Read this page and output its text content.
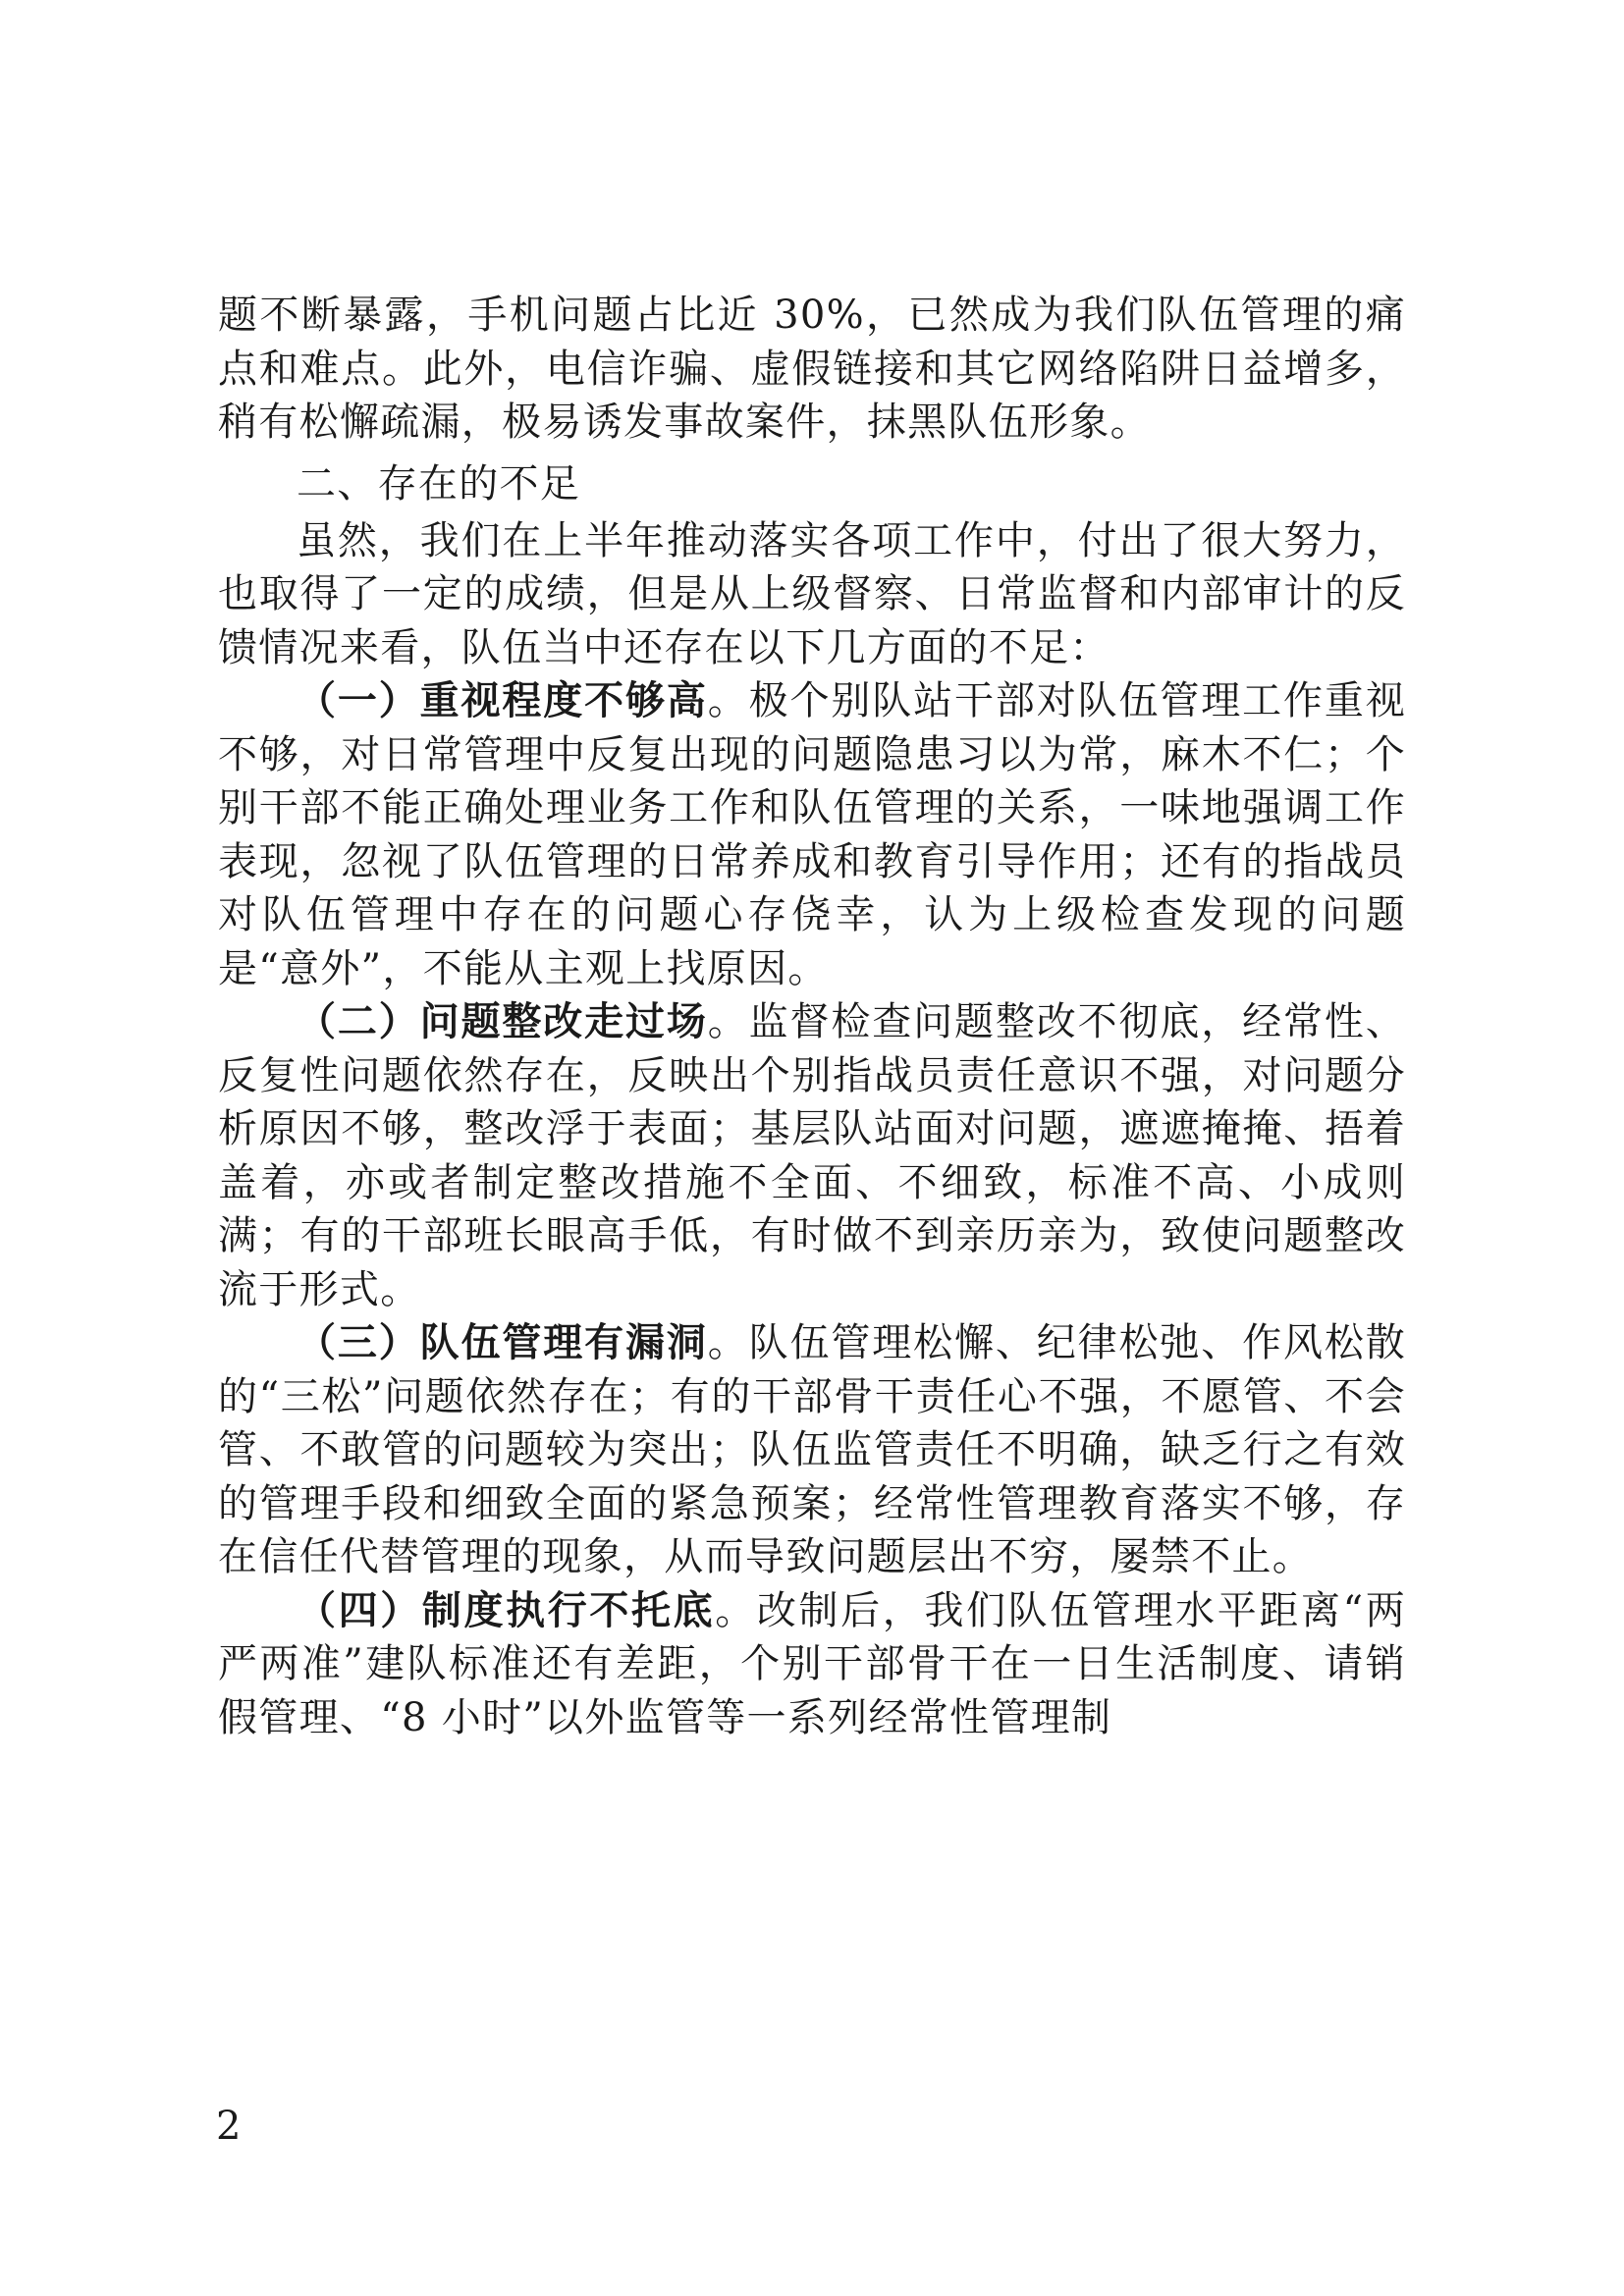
题不断暴露，手机问题占比近 30%，已然成为我们队伍管理的痛点和难点。此外，电信诈骗、虚假链接和其它网络陷阱日益增多，稍有松懈疏漏，极易诱发事故案件，抹黑队伍形象。

二、存在的不足

虽然，我们在上半年推动落实各项工作中，付出了很大努力，也取得了一定的成绩，但是从上级督察、日常监督和内部审计的反馈情况来看，队伍当中还存在以下几方面的不足：

（一）重视程度不够高。极个别队站干部对队伍管理工作重视不够，对日常管理中反复出现的问题隐患习以为常，麻木不仁；个别干部不能正确处理业务工作和队伍管理的关系，一味地强调工作表现，忽视了队伍管理的日常养成和教育引导作用；还有的指战员对队伍管理中存在的问题心存侥幸，认为上级检查发现的问题是“意外”，不能从主观上找原因。

（二）问题整改走过场。监督检查问题整改不彻底，经常性、反复性问题依然存在，反映出个别指战员责任意识不强，对问题分析原因不够，整改浮于表面；基层队站面对问题，遮遮掩掩、捂着盖着，亦或者制定整改措施不全面、不细致，标准不高、小成则满；有的干部班长眼高手低，有时做不到亲历亲为，致使问题整改流于形式。

（三）队伍管理有漏洞。队伍管理松懈、纪律松弛、作风松散的“三松”问题依然存在；有的干部骨干责任心不强，不愿管、不会管、不敢管的问题较为突出；队伍监管责任不明确，缺乏行之有效的管理手段和细致全面的紧急预案；经常性管理教育落实不够，存在信任代替管理的现象，从而导致问题层出不穷，屡禁不止。

（四）制度执行不托底。改制后，我们队伍管理水平距离“两严两准”建队标准还有差距，个别干部骨干在一日生活制度、请销假管理、“8 小时”以外监管等一系列经常性管理制

2
